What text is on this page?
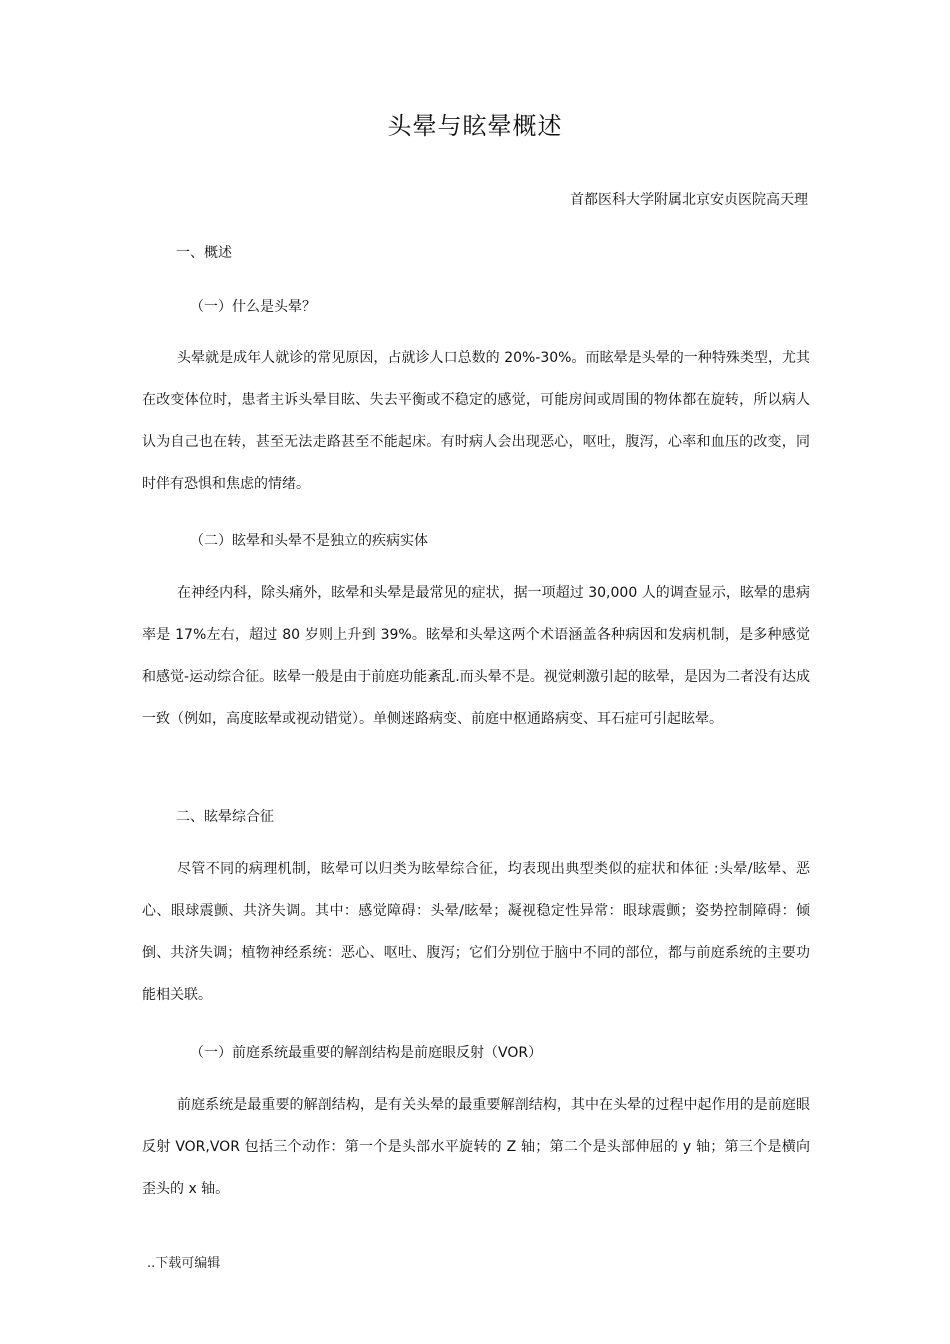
头晕与眩晕概述
首都医科大学附属北京安贞医院高天理
一、概述
（一）什么是头晕？

头晕就是成年人就诊的常见原因，占就诊人口总数的 20%-30%。而眩晕是头晕的一种特殊类型，尤其在改变体位时，患者主诉头晕目眩、失去平衡或不稳定的感觉，可能房间或周围的物体都在旋转，所以病人认为自己也在转，甚至无法走路甚至不能起床。有时病人会出现恶心，呕吐，腹泻，心率和血压的改变，同时伴有恐惧和焦虑的情绪。

（二）眩晕和头晕不是独立的疾病实体

在神经内科，除头痛外，眩晕和头晕是最常见的症状，据一项超过 30,000 人的调查显示，眩晕的患病率是 17%左右，超过 80 岁则上升到 39%。眩晕和头晕这两个术语涵盖各种病因和发病机制，是多种感觉和感觉-运动综合征。眩晕一般是由于前庭功能紊乱.而头晕不是。视觉刺激引起的眩晕，是因为二者没有达成一致（例如，高度眩晕或视动错觉）。单侧迷路病变、前庭中枢通路病变、耳石症可引起眩晕。

二、眩晕综合征

尽管不同的病理机制，眩晕可以归类为眩晕综合征，均表现出典型类似的症状和体征 :头晕/眩晕、恶心、眼球震颤、共济失调。其中：感觉障碍：头晕/眩晕；凝视稳定性异常：眼球震颤；姿势控制障碍：倾倒、共济失调；植物神经系统：恶心、呕吐、腹泻；它们分别位于脑中不同的部位，都与前庭系统的主要功能相关联。

（一）前庭系统最重要的解剖结构是前庭眼反射（VOR）

前庭系统是最重要的解剖结构，是有关头晕的最重要解剖结构，其中在头晕的过程中起作用的是前庭眼反射 VOR,VOR 包括三个动作：第一个是头部水平旋转的 Z 轴；第二个是头部伸屈的 y 轴；第三个是横向歪头的 x 轴。

..下载可编辑
